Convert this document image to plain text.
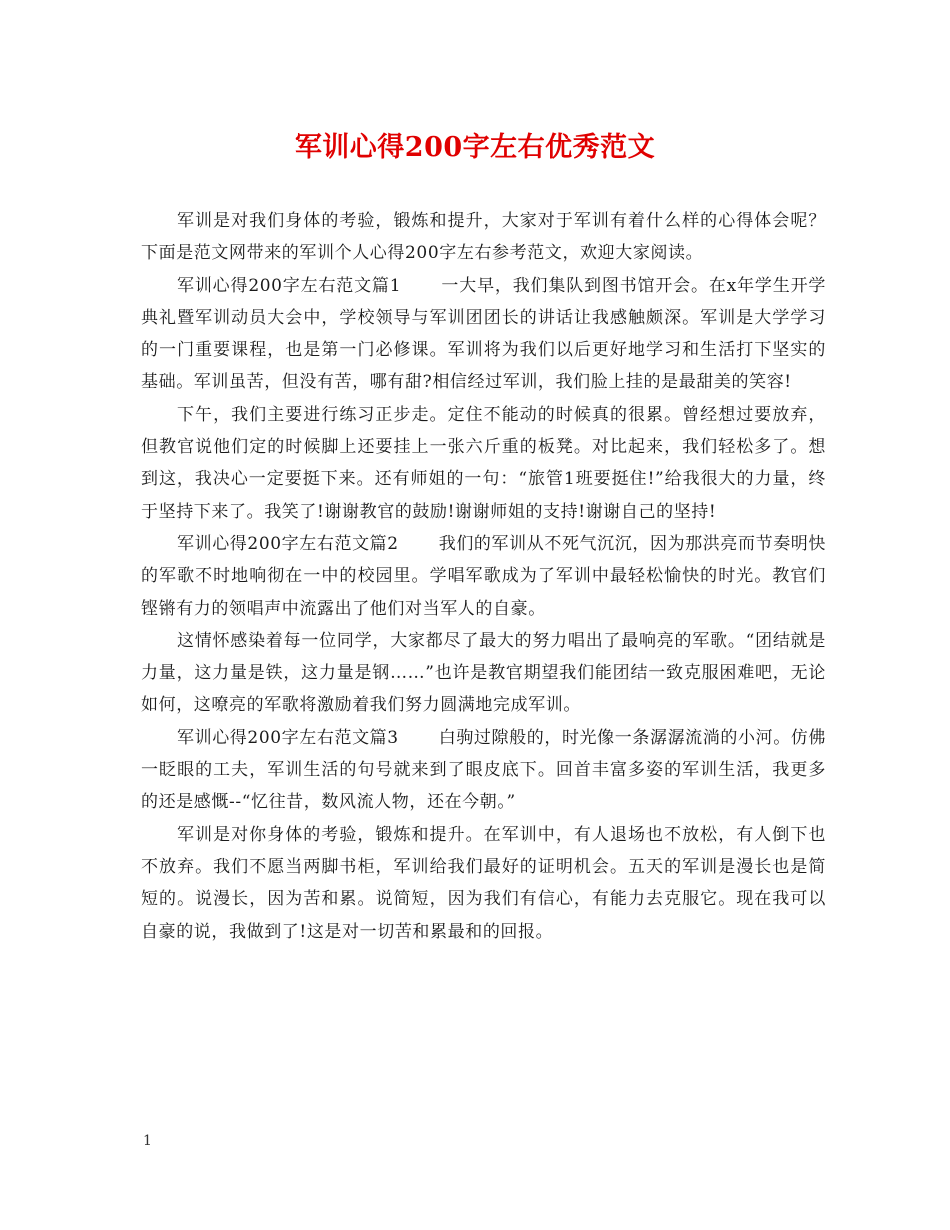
军训心得200字左右优秀范文

军训是对我们身体的考验，锻炼和提升，大家对于军训有着什么样的心得体会呢？下面是范文网带来的军训个人心得200字左右参考范文，欢迎大家阅读。

军训心得200字左右范文篇1 一大早，我们集队到图书馆开会。在x年学生开学典礼暨军训动员大会中，学校领导与军训团团长的讲话让我感触颇深。军训是大学学习的一门重要课程，也是第一门必修课。军训将为我们以后更好地学习和生活打下坚实的基础。军训虽苦，但没有苦，哪有甜?相信经过军训，我们脸上挂的是最甜美的笑容!

下午，我们主要进行练习正步走。定住不能动的时候真的很累。曾经想过要放弃，但教官说他们定的时候脚上还要挂上一张六斤重的板凳。对比起来，我们轻松多了。想到这，我决心一定要挺下来。还有师姐的一句：“旅管1班要挺住!”给我很大的力量，终于坚持下来了。我笑了!谢谢教官的鼓励!谢谢师姐的支持!谢谢自己的坚持!

军训心得200字左右范文篇2 我们的军训从不死气沉沉，因为那洪亮而节奏明快的军歌不时地响彻在一中的校园里。学唱军歌成为了军训中最轻松愉快的时光。教官们铿锵有力的领唱声中流露出了他们对当军人的自豪。

这情怀感染着每一位同学，大家都尽了最大的努力唱出了最响亮的军歌。“团结就是力量，这力量是铁，这力量是钢……”也许是教官期望我们能团结一致克服困难吧，无论如何，这嘹亮的军歌将激励着我们努力圆满地完成军训。

军训心得200字左右范文篇3 白驹过隙般的，时光像一条潺潺流淌的小河。仿佛一眨眼的工夫，军训生活的句号就来到了眼皮底下。回首丰富多姿的军训生活，我更多的还是感慨--“忆往昔，数风流人物，还在今朝。”

军训是对你身体的考验，锻炼和提升。在军训中，有人退场也不放松，有人倒下也不放弃。我们不愿当两脚书柜，军训给我们最好的证明机会。五天的军训是漫长也是简短的。说漫长，因为苦和累。说简短，因为我们有信心，有能力去克服它。现在我可以自豪的说，我做到了!这是对一切苦和累最和的回报。

1
